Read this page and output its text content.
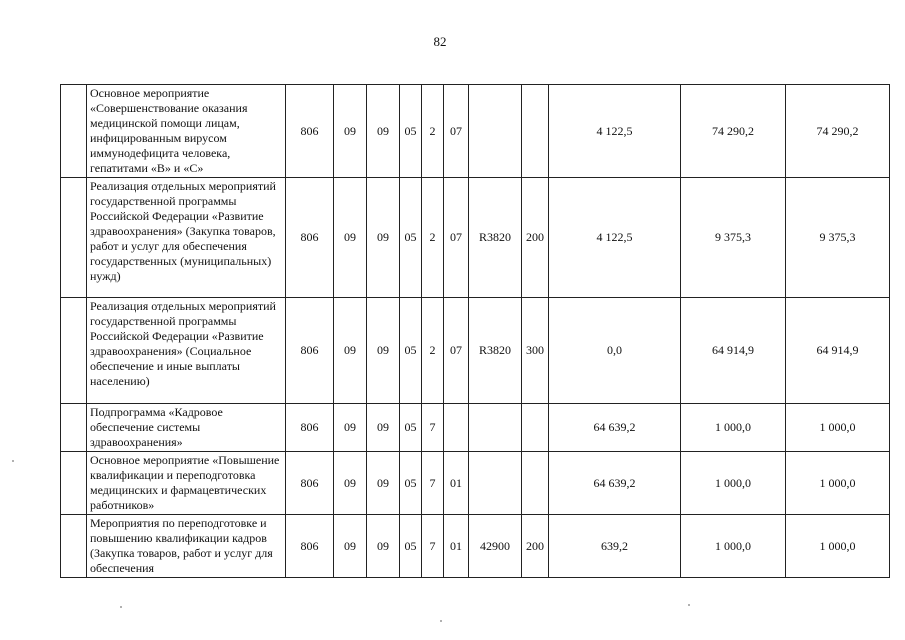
82
	Основное мероприятие «Совершенствование оказания медицинской помощи лицам, инфицированным вирусом иммунодефицита человека, гепатитами «В» и «С»	806	09	09	05	2	07			4 122,5	74 290,2	74 290,2
	Реализация отдельных мероприятий государственной программы Российской Федерации «Развитие здравоохранения» (Закупка товаров, работ и услуг для обеспечения государственных (муниципальных) нужд)	806	09	09	05	2	07	R3820	200	4 122,5	9 375,3	9 375,3
	Реализация отдельных мероприятий государственной программы Российской Федерации «Развитие здравоохранения» (Социальное обеспечение и иные выплаты населению)	806	09	09	05	2	07	R3820	300	0,0	64 914,9	64 914,9
	Подпрограмма «Кадровое обеспечение системы здравоохранения»	806	09	09	05	7				64 639,2	1 000,0	1 000,0
	Основное мероприятие «Повышение квалификации и переподготовка медицинских и фармацевтических работников»	806	09	09	05	7	01			64 639,2	1 000,0	1 000,0
	Мероприятия по переподготовке и повышению квалификации кадров (Закупка товаров, работ и услуг для обеспечения	806	09	09	05	7	01	42900	200	639,2	1 000,0	1 000,0
